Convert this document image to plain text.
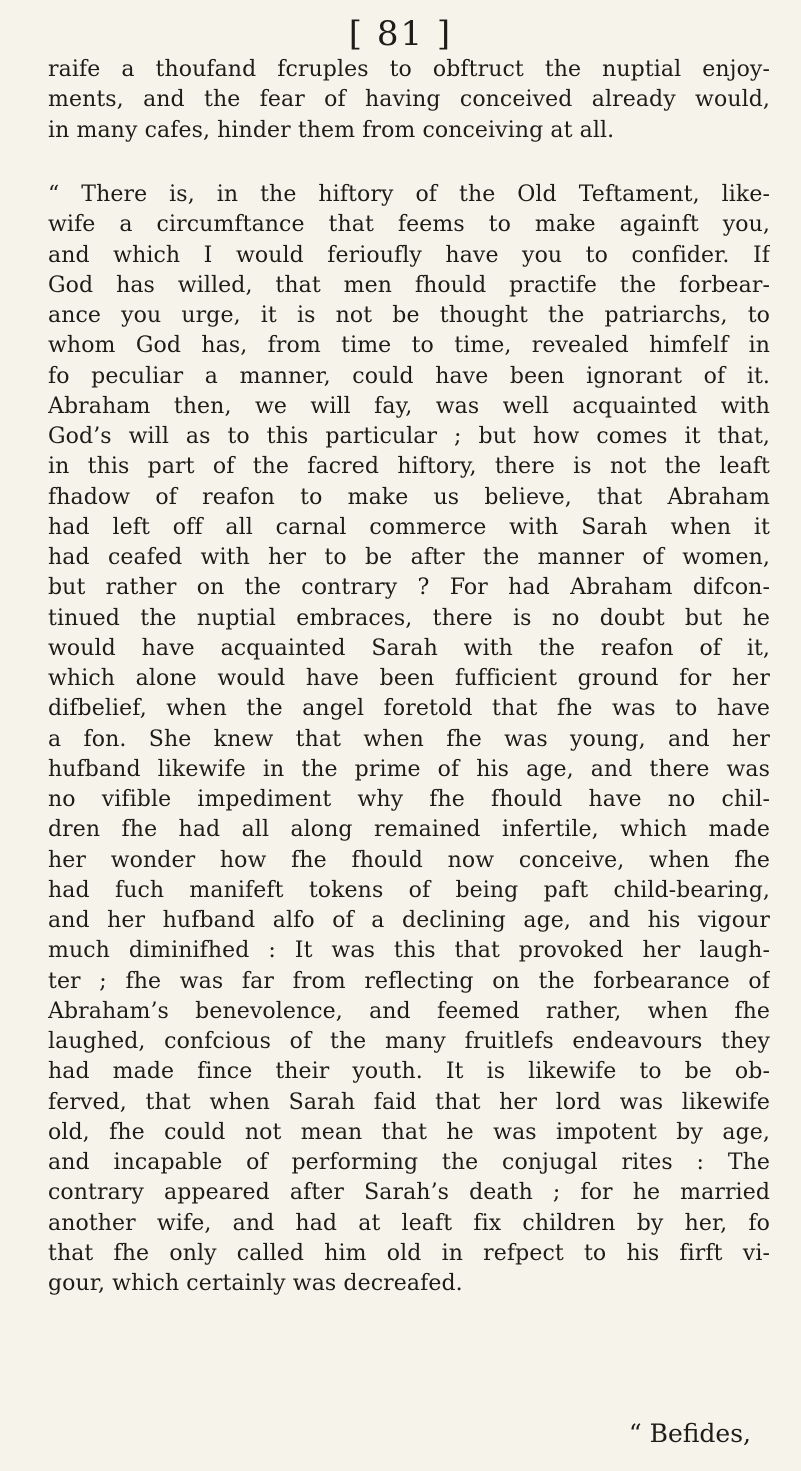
[ 81 ]
raife a thoufand fcruples to obftruct the nuptial enjoy-
ments, and the fear of having conceived already would,
in many cafes, hinder them from conceiving at all.
“ There is, in the hiftory of the Old Teftament, like-
wife a circumftance that feems to make againft you,
and which I would ferioufly have you to confider. If
God has willed, that men fhould practife the forbear-
ance you urge, it is not be thought the patriarchs, to
whom God has, from time to time, revealed himfelf in
fo peculiar a manner, could have been ignorant of it.
Abraham then, we will fay, was well acquainted with
God’s will as to this particular ; but how comes it that,
in this part of the facred hiftory, there is not the leaft
fhadow of reafon to make us believe, that Abraham
had left off all carnal commerce with Sarah when it
had ceafed with her to be after the manner of women,
but rather on the contrary ? For had Abraham difcon-
tinued the nuptial embraces, there is no doubt but he
would have acquainted Sarah with the reafon of it,
which alone would have been fufficient ground for her
difbelief, when the angel foretold that fhe was to have
a fon. She knew that when fhe was young, and her
hufband likewife in the prime of his age, and there was
no vifible impediment why fhe fhould have no chil-
dren fhe had all along remained infertile, which made
her wonder how fhe fhould now conceive, when fhe
had fuch manifeft tokens of being paft child-bearing,
and her hufband alfo of a declining age, and his vigour
much diminifhed : It was this that provoked her laugh-
ter ; fhe was far from reflecting on the forbearance of
Abraham’s benevolence, and feemed rather, when fhe
laughed, confcious of the many fruitlefs endeavours they
had made fince their youth. It is likewife to be ob-
ferved, that when Sarah faid that her lord was likewife
old, fhe could not mean that he was impotent by age,
and incapable of performing the conjugal rites : The
contrary appeared after Sarah’s death ; for he married
another wife, and had at leaft fix children by her, fo
that fhe only called him old in refpect to his firft vi-
gour, which certainly was decreafed.
“ Befides,
